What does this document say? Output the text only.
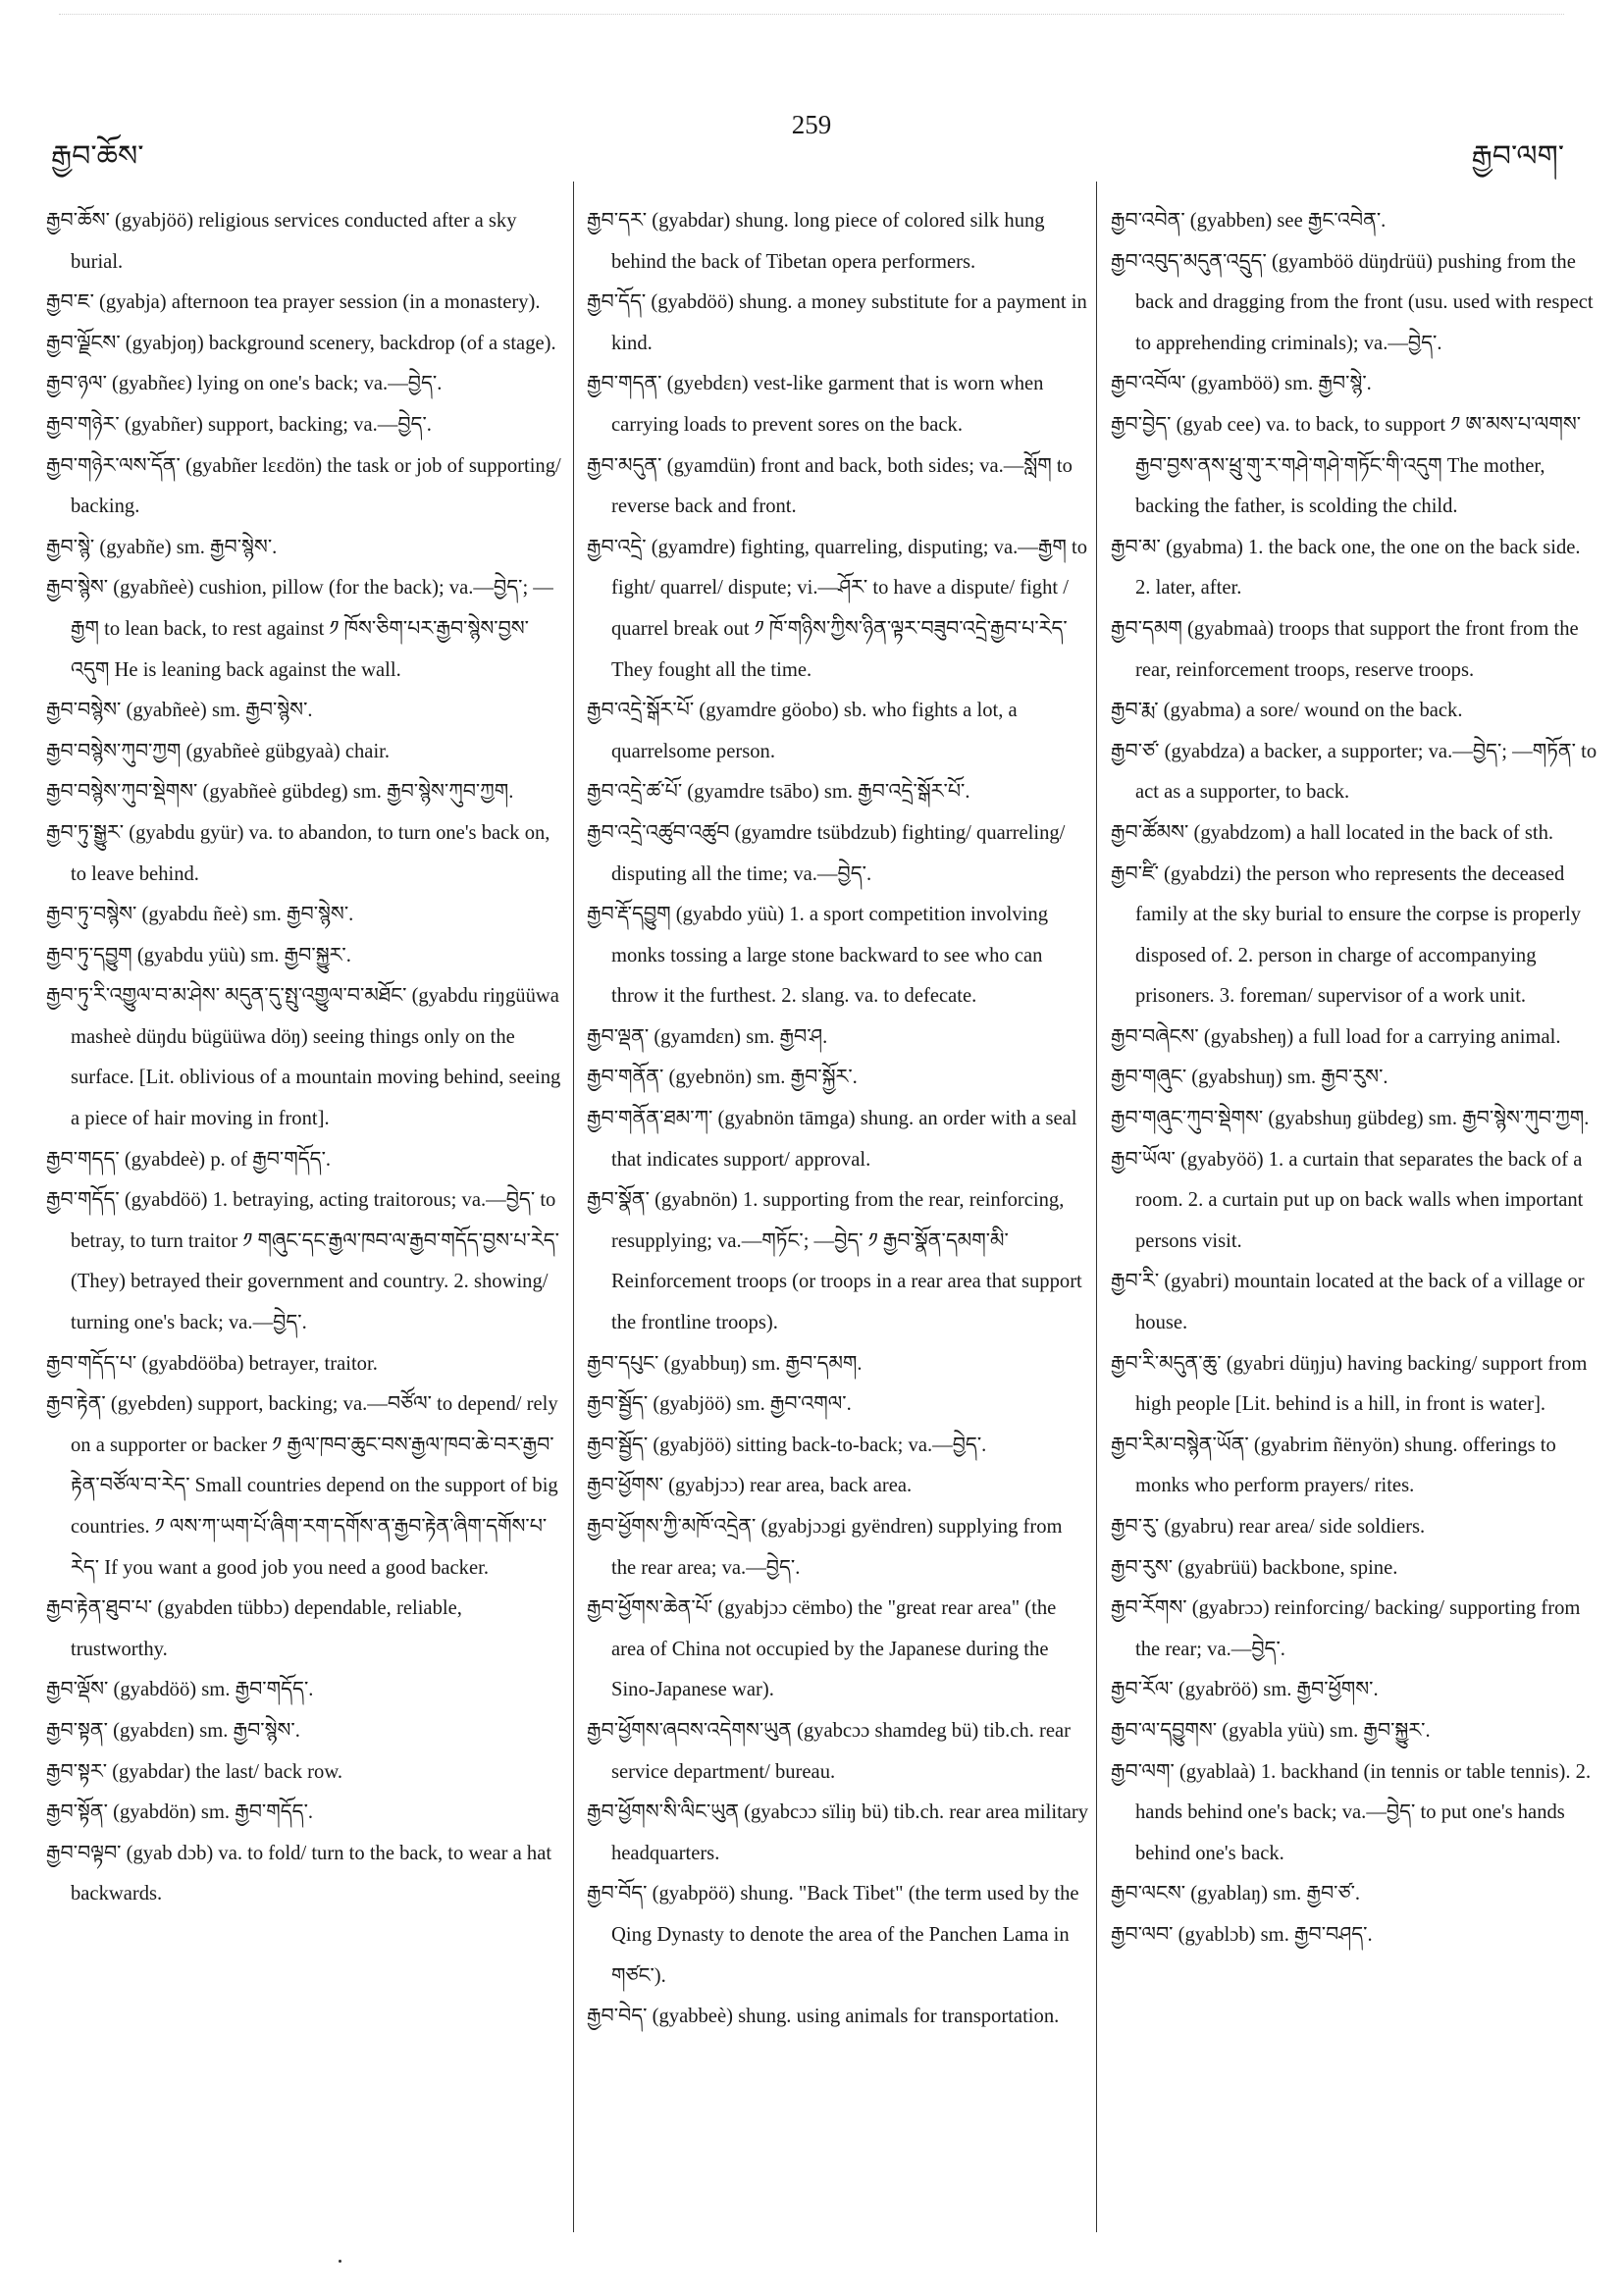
རྒྱབ་ཆོས་
259
རྒྱབ་ལག་

རྒྱབ་ཆོས་ (gyabjöö) religious services conducted after a sky burial.

རྒྱབ་ཇ་ (gyabja) afternoon tea prayer session (in a monastery).

རྒྱབ་ལྗོངས་ (gyabjoŋ) background scenery, backdrop (of a stage).

རྒྱབ་ཉལ་ (gyabñeɛ) lying on one's back; va.—བྱེད་.

རྒྱབ་གཉེར་ (gyabñer) support, backing; va.—བྱེད་.

རྒྱབ་གཉེར་ལས་དོན་ (gyabñer lɛɛdön) the task or job of supporting/ backing.

རྒྱབ་སྙེ་ (gyabñe) sm. རྒྱབ་སྙེས་.

རྒྱབ་སྙེས་ (gyabñeè) cushion, pillow (for the back); va.—བྱེད་; —རྒྱག to lean back, to rest against ༡ ཁོས་ཅིག་པར་རྒྱབ་སྙེས་བྱས་འདུག He is leaning back against the wall.

རྒྱབ་བསྙེས་ (gyabñeè) sm. རྒྱབ་སྙེས་.

རྒྱབ་བསྙེས་ཀུབ་ཀྱག (gyabñeè gübgyaà) chair.

རྒྱབ་བསྙེས་ཀུབ་སྡེགས་ (gyabñeè gübdeg) sm. རྒྱབ་སྙེས་ཀུབ་ཀྱག.

རྒྱབ་ཏུ་སྒྱུར་ (gyabdu gyür) va. to abandon, to turn one's back on, to leave behind.

རྒྱབ་ཏུ་བསྙེས་ (gyabdu ñeè) sm. རྒྱབ་སྙེས་.

རྒྱབ་ཏུ་དབྱུག (gyabdu yüù) sm. རྒྱབ་སྐྱུར་.

རྒྱབ་ཏུ་རི་འགྱུལ་བ་མ་ཤེས་ མདུན་དུ་སྤུ་འགྱུལ་བ་མཐོང་ (gyabdu riŋgüüwa masheè düŋdu bügüüwa döŋ) seeing things only on the surface. [Lit. oblivious of a mountain moving behind, seeing a piece of hair moving in front].

རྒྱབ་གདད་ (gyabdeè) p. of རྒྱབ་གདོད་.

རྒྱབ་གདོད་ (gyabdöö) 1. betraying, acting traitorous; va.—བྱེད་ to betray, to turn traitor ༡ གཞུང་དང་རྒྱལ་ཁབ་ལ་རྒྱབ་གདོད་བྱས་པ་རེད་ (They) betrayed their government and country. 2. showing/ turning one's back; va.—བྱེད་.

རྒྱབ་གདོད་པ་ (gyabdööba) betrayer, traitor.

རྒྱབ་རྟེན་ (gyebden) support, backing; va.—བཙོལ་ to depend/ rely on a supporter or backer ༡ རྒྱལ་ཁབ་ཆུང་བས་རྒྱལ་ཁབ་ཆེ་བར་རྒྱབ་རྟེན་བཙོལ་བ་རེད་ Small countries depend on the support of big countries. ༡ ལས་ཀ་ཡག་པོ་ཞིག་རག་དགོས་ན་རྒྱབ་རྟེན་ཞིག་དགོས་པ་རེད་ If you want a good job you need a good backer.

རྒྱབ་རྟེན་ཐུབ་པ་ (gyabden tübbɔ) dependable, reliable, trustworthy.

རྒྱབ་ལྡོས་ (gyabdöö) sm. རྒྱབ་གདོད་.

རྒྱབ་སྟན་ (gyabdɛn) sm. རྒྱབ་སྙེས་.

རྒྱབ་སྟར་ (gyabdar) the last/ back row.

རྒྱབ་སྟོན་ (gyabdön) sm. རྒྱབ་གདོད་.

རྒྱབ་བལྟབ་ (gyab dɔb) va. to fold/ turn to the back, to wear a hat backwards.

རྒྱབ་དར་ (gyabdar) shung. long piece of colored silk hung behind the back of Tibetan opera performers.

རྒྱབ་དོད་ (gyabdöö) shung. a money substitute for a payment in kind.

རྒྱབ་གདན་ (gyebdɛn) vest-like garment that is worn when carrying loads to prevent sores on the back.

རྒྱབ་མདུན་ (gyamdün) front and back, both sides; va.—སློག to reverse back and front.

རྒྱབ་འདྲེ་ (gyamdre) fighting, quarreling, disputing; va.—རྒྱག to fight/ quarrel/ dispute; vi.—ཤོར་ to have a dispute/ fight / quarrel break out ༡ ཁོ་གཉིས་ཀྱིས་ཉིན་ལྟར་བཟུབ་འདྲེ་རྒྱབ་པ་རེད་ They fought all the time.

རྒྱབ་འདྲེ་སྒོར་པོ་ (gyamdre göobo) sb. who fights a lot, a quarrelsome person.

རྒྱབ་འདྲེ་ཚ་པོ་ (gyamdre tsābo) sm. རྒྱབ་འདྲེ་སྒོར་པོ་.

རྒྱབ་འདྲེ་འཚུབ་འཚུབ (gyamdre tsübdzub) fighting/ quarreling/ disputing all the time; va.—བྱེད་.

རྒྱབ་རྡོ་དབྱུག (gyabdo yüù) 1. a sport competition involving monks tossing a large stone backward to see who can throw it the furthest. 2. slang. va. to defecate.

རྒྱབ་ལྡན་ (gyamdɛn) sm. རྒྱབ་ཤ.

རྒྱབ་གནོན་ (gyebnön) sm. རྒྱབ་སྐྱོར་.

རྒྱབ་གནོན་ཐམ་ཀ་ (gyabnön tāmga) shung. an order with a seal that indicates support/ approval.

རྒྱབ་སྣོན་ (gyabnön) 1. supporting from the rear, reinforcing, resupplying; va.—གཏོང་; —བྱེད་ ༡ རྒྱབ་སྣོན་དམག་མི་ Reinforcement troops (or troops in a rear area that support the frontline troops).

རྒྱབ་དཔུང་ (gyabbuŋ) sm. རྒྱབ་དམག.

རྒྱབ་སྦྱོད་ (gyabjöö) sm. རྒྱབ་འགལ་.

རྒྱབ་སྦྱོད་ (gyabjöö) sitting back-to-back; va.—བྱེད་.

རྒྱབ་ཕྱོགས་ (gyabjɔɔ) rear area, back area.

རྒྱབ་ཕྱོགས་ཀྱི་མཁོ་འདྲེན་ (gyabjɔɔgi gyëndren) supplying from the rear area; va.—བྱེད་.

རྒྱབ་ཕྱོགས་ཆེན་པོ་ (gyabjɔɔ cëmbo) the "great rear area" (the area of China not occupied by the Japanese during the Sino-Japanese war).

རྒྱབ་ཕྱོགས་ཞབས་འདེགས་ཡུན (gyabcɔɔ shamdeg bü) tib.ch. rear service department/ bureau.

རྒྱབ་ཕྱོགས་སི་ལིང་ཡུན (gyabcɔɔ sïliŋ bü) tib.ch. rear area military headquarters.

རྒྱབ་བོད་ (gyabpöö) shung. "Back Tibet" (the term used by the Qing Dynasty to denote the area of the Panchen Lama in གཙང་).

རྒྱབ་བེད་ (gyabbeè) shung. using animals for transportation.

རྒྱབ་འབེན་ (gyabben) see རྒྱང་འབེན་.

རྒྱབ་འབུད་མདུན་འདྲུད་ (gyamböö düŋdrüü) pushing from the back and dragging from the front (usu. used with respect to apprehending criminals); va.—བྱེད་.

རྒྱབ་འབོལ་ (gyamböö) sm. རྒྱབ་སྙེ་.

རྒྱབ་བྱེད་ (gyab cee) va. to back, to support ༡ ཨ་མས་པ་ལགས་རྒྱབ་བྱས་ནས་ཕྲུ་གུ་ར་གཤེ་གཤེ་གཏོང་གི་འདུག The mother, backing the father, is scolding the child.

རྒྱབ་མ་ (gyabma) 1. the back one, the one on the back side. 2. later, after.

རྒྱབ་དམག (gyabmaà) troops that support the front from the rear, reinforcement troops, reserve troops.

རྒྱབ་རྨ་ (gyabma) a sore/ wound on the back.

རྒྱབ་ཙ་ (gyabdza) a backer, a supporter; va.—བྱེད་; —གཏོན་ to act as a supporter, to back.

རྒྱབ་ཚོམས་ (gyabdzom) a hall located in the back of sth.

རྒྱབ་ཛི་ (gyabdzi) the person who represents the deceased family at the sky burial to ensure the corpse is properly disposed of. 2. person in charge of accompanying prisoners. 3. foreman/ supervisor of a work unit.

རྒྱབ་བཞེངས་ (gyabsheŋ) a full load for a carrying animal.

རྒྱབ་གཞུང་ (gyabshuŋ) sm. རྒྱབ་རུས་.

རྒྱབ་གཞུང་ཀུབ་སྡེགས་ (gyabshuŋ gübdeg) sm. རྒྱབ་སྙེས་ཀུབ་ཀྱག.

རྒྱབ་ཡོལ་ (gyabyöö) 1. a curtain that separates the back of a room. 2. a curtain put up on back walls when important persons visit.

རྒྱབ་རི་ (gyabri) mountain located at the back of a village or house.

རྒྱབ་རི་མདུན་ཆུ་ (gyabri düŋju) having backing/ support from high people [Lit. behind is a hill, in front is water].

རྒྱབ་རིམ་བསྙེན་ཡོན་ (gyabrim ñënyön) shung. offerings to monks who perform prayers/ rites.

རྒྱབ་རུ་ (gyabru) rear area/ side soldiers.

རྒྱབ་རུས་ (gyabrüü) backbone, spine.

རྒྱབ་རོགས་ (gyabrɔɔ) reinforcing/ backing/ supporting from the rear; va.—བྱེད་.

རྒྱབ་རོལ་ (gyabröö) sm. རྒྱབ་ཕྱོགས་.

རྒྱབ་ལ་དབྱུགས་ (gyabla yüù) sm. རྒྱབ་སྐྱུར་.

རྒྱབ་ལག་ (gyablaà) 1. backhand (in tennis or table tennis). 2. hands behind one's back; va.—བྱེད་ to put one's hands behind one's back.

རྒྱབ་ལངས་ (gyablaŋ) sm. རྒྱབ་ཙ་.

རྒྱབ་ལབ་ (gyablɔb) sm. རྒྱབ་བཤད་.
